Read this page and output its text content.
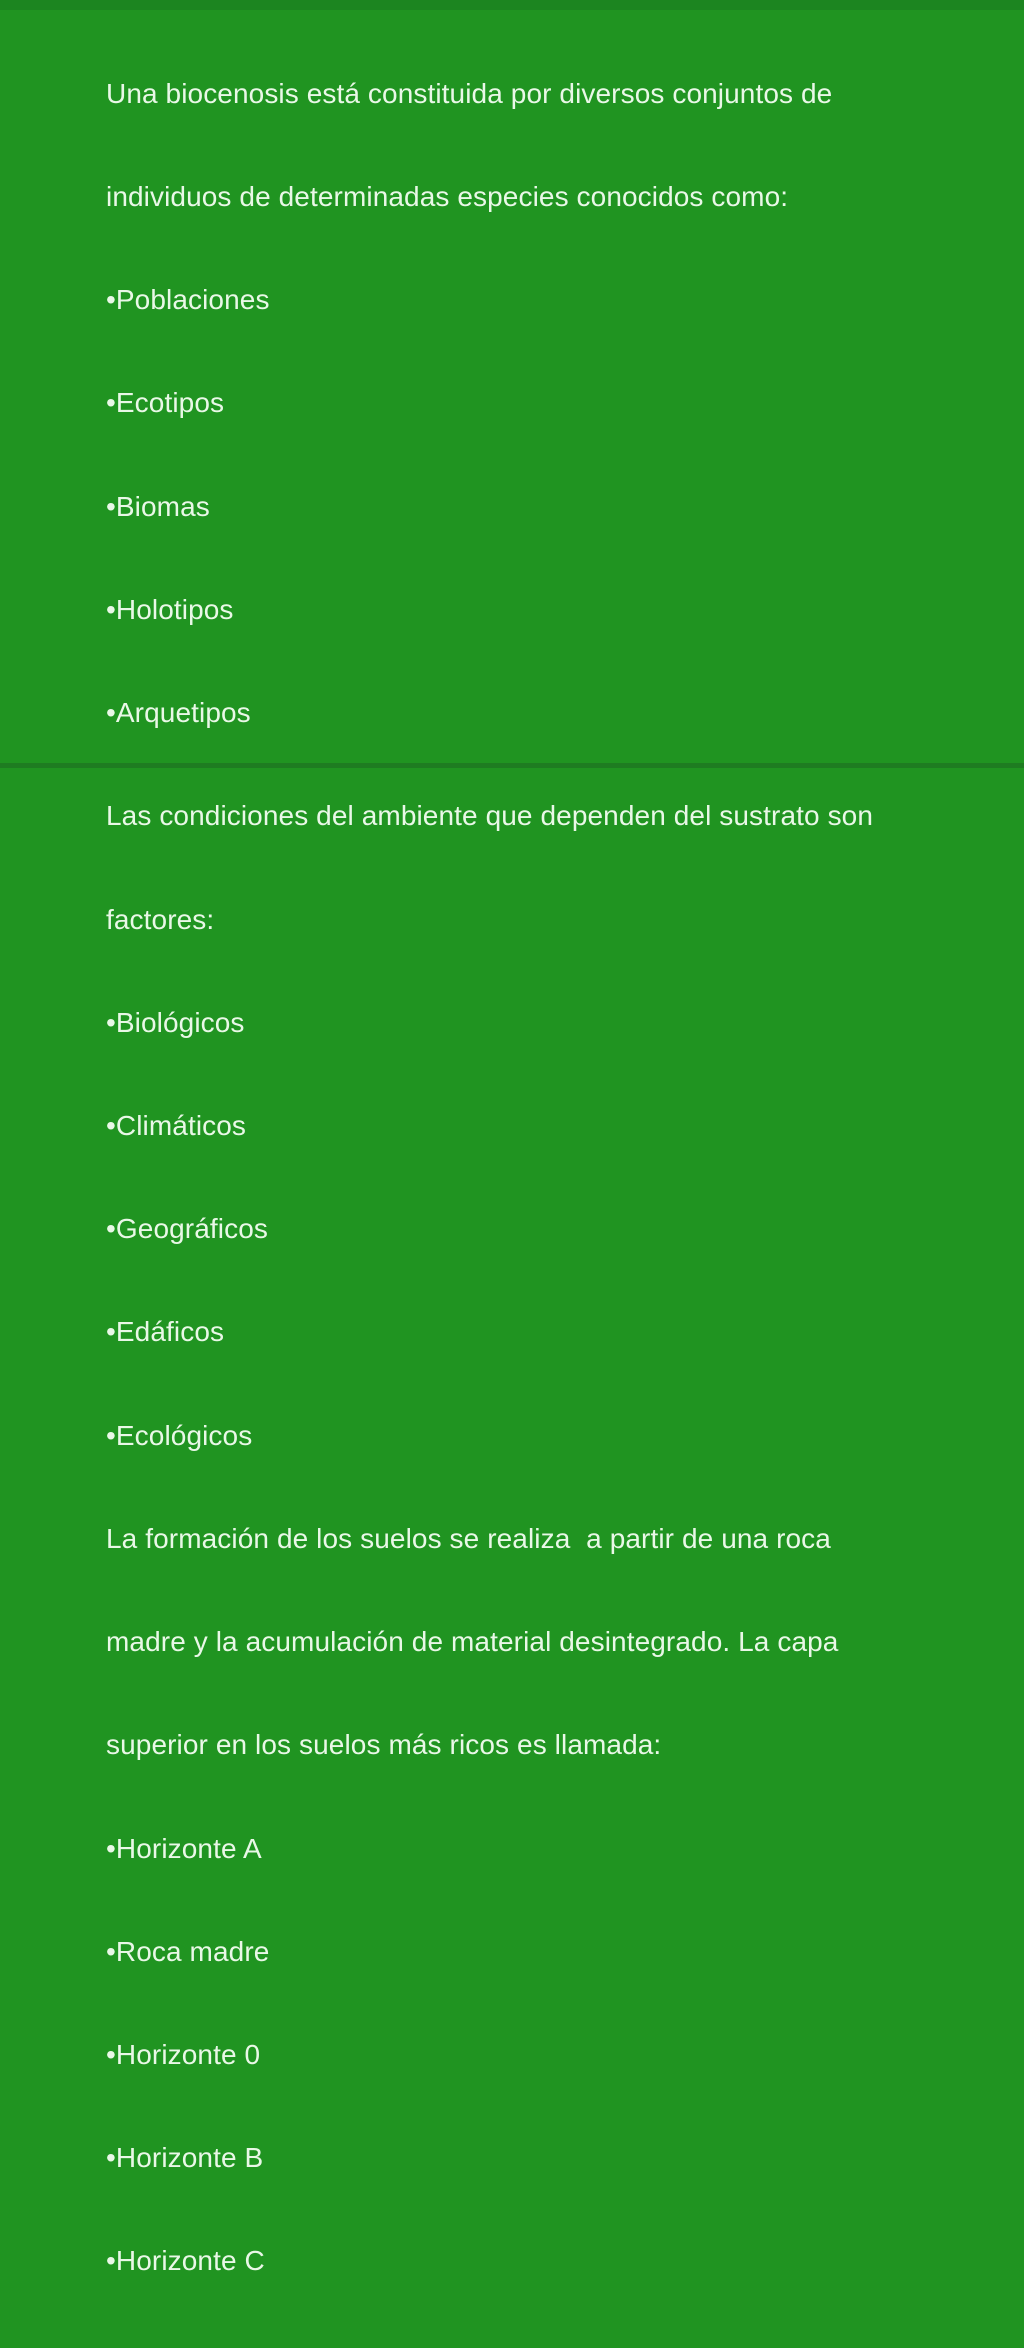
Una biocenosis está constituida por diversos conjuntos de

individuos de determinadas especies conocidos como:

•Poblaciones

•Ecotipos

•Biomas

•Holotipos

•Arquetipos

Las condiciones del ambiente que dependen del sustrato son

factores:

•Biológicos

•Climáticos

•Geográficos

•Edáficos

•Ecológicos

La formación de los suelos se realiza  a partir de una roca

madre y la acumulación de material desintegrado. La capa

superior en los suelos más ricos es llamada:

•Horizonte A

•Roca madre

•Horizonte 0

•Horizonte B

•Horizonte C
